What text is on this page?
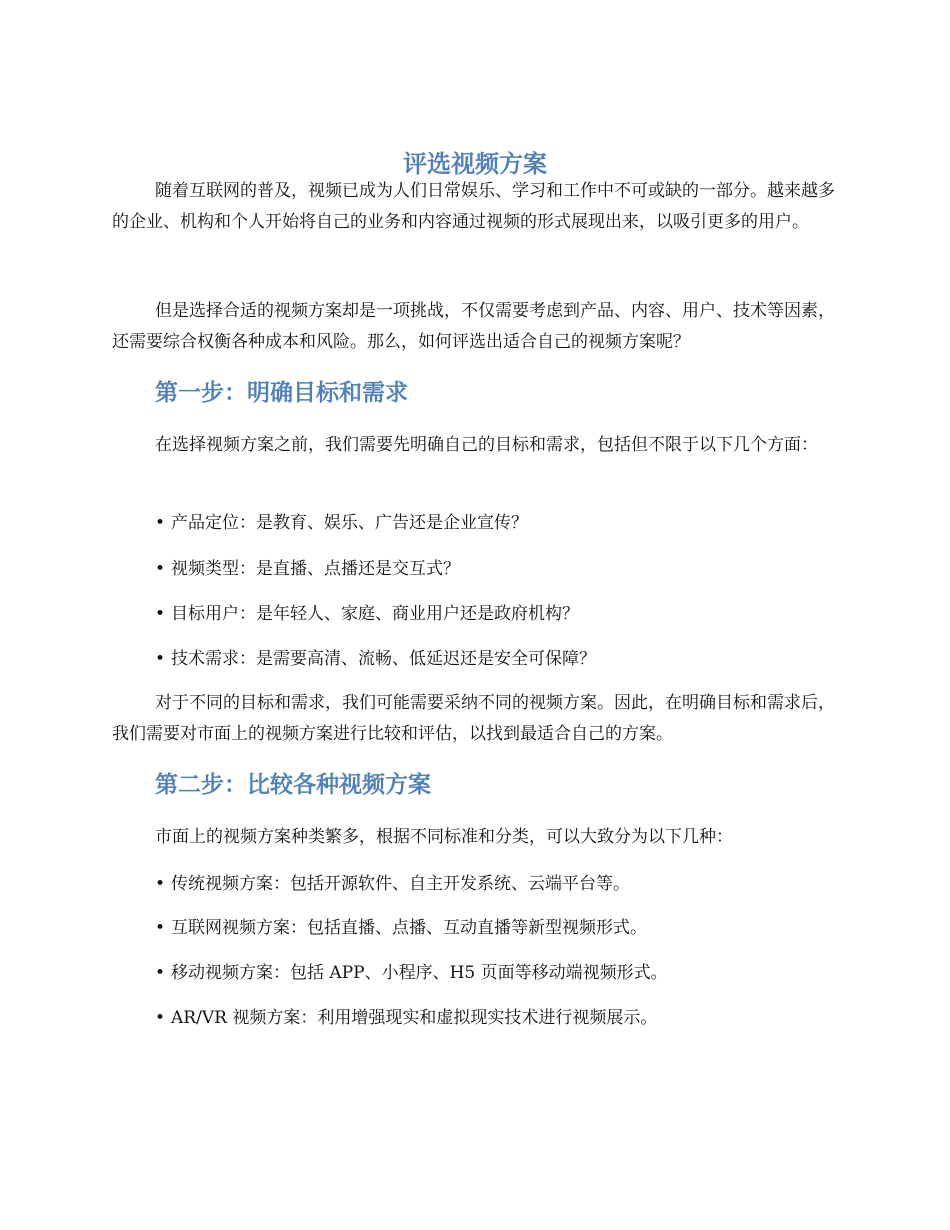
评选视频方案

随着互联网的普及，视频已成为人们日常娱乐、学习和工作中不可或缺的一部分。越来越多的企业、机构和个人开始将自己的业务和内容通过视频的形式展现出来，以吸引更多的用户。

但是选择合适的视频方案却是一项挑战，不仅需要考虑到产品、内容、用户、技术等因素，还需要综合权衡各种成本和风险。那么，如何评选出适合自己的视频方案呢？

第一步：明确目标和需求

在选择视频方案之前，我们需要先明确自己的目标和需求，包括但不限于以下几个方面：

• 产品定位：是教育、娱乐、广告还是企业宣传？
• 视频类型：是直播、点播还是交互式？
• 目标用户：是年轻人、家庭、商业用户还是政府机构？
• 技术需求：是需要高清、流畅、低延迟还是安全可保障？

对于不同的目标和需求，我们可能需要采纳不同的视频方案。因此，在明确目标和需求后，我们需要对市面上的视频方案进行比较和评估，以找到最适合自己的方案。

第二步：比较各种视频方案

市面上的视频方案种类繁多，根据不同标准和分类，可以大致分为以下几种：

• 传统视频方案：包括开源软件、自主开发系统、云端平台等。
• 互联网视频方案：包括直播、点播、互动直播等新型视频形式。
• 移动视频方案：包括 APP、小程序、H5 页面等移动端视频形式。
• AR/VR 视频方案：利用增强现实和虚拟现实技术进行视频展示。
